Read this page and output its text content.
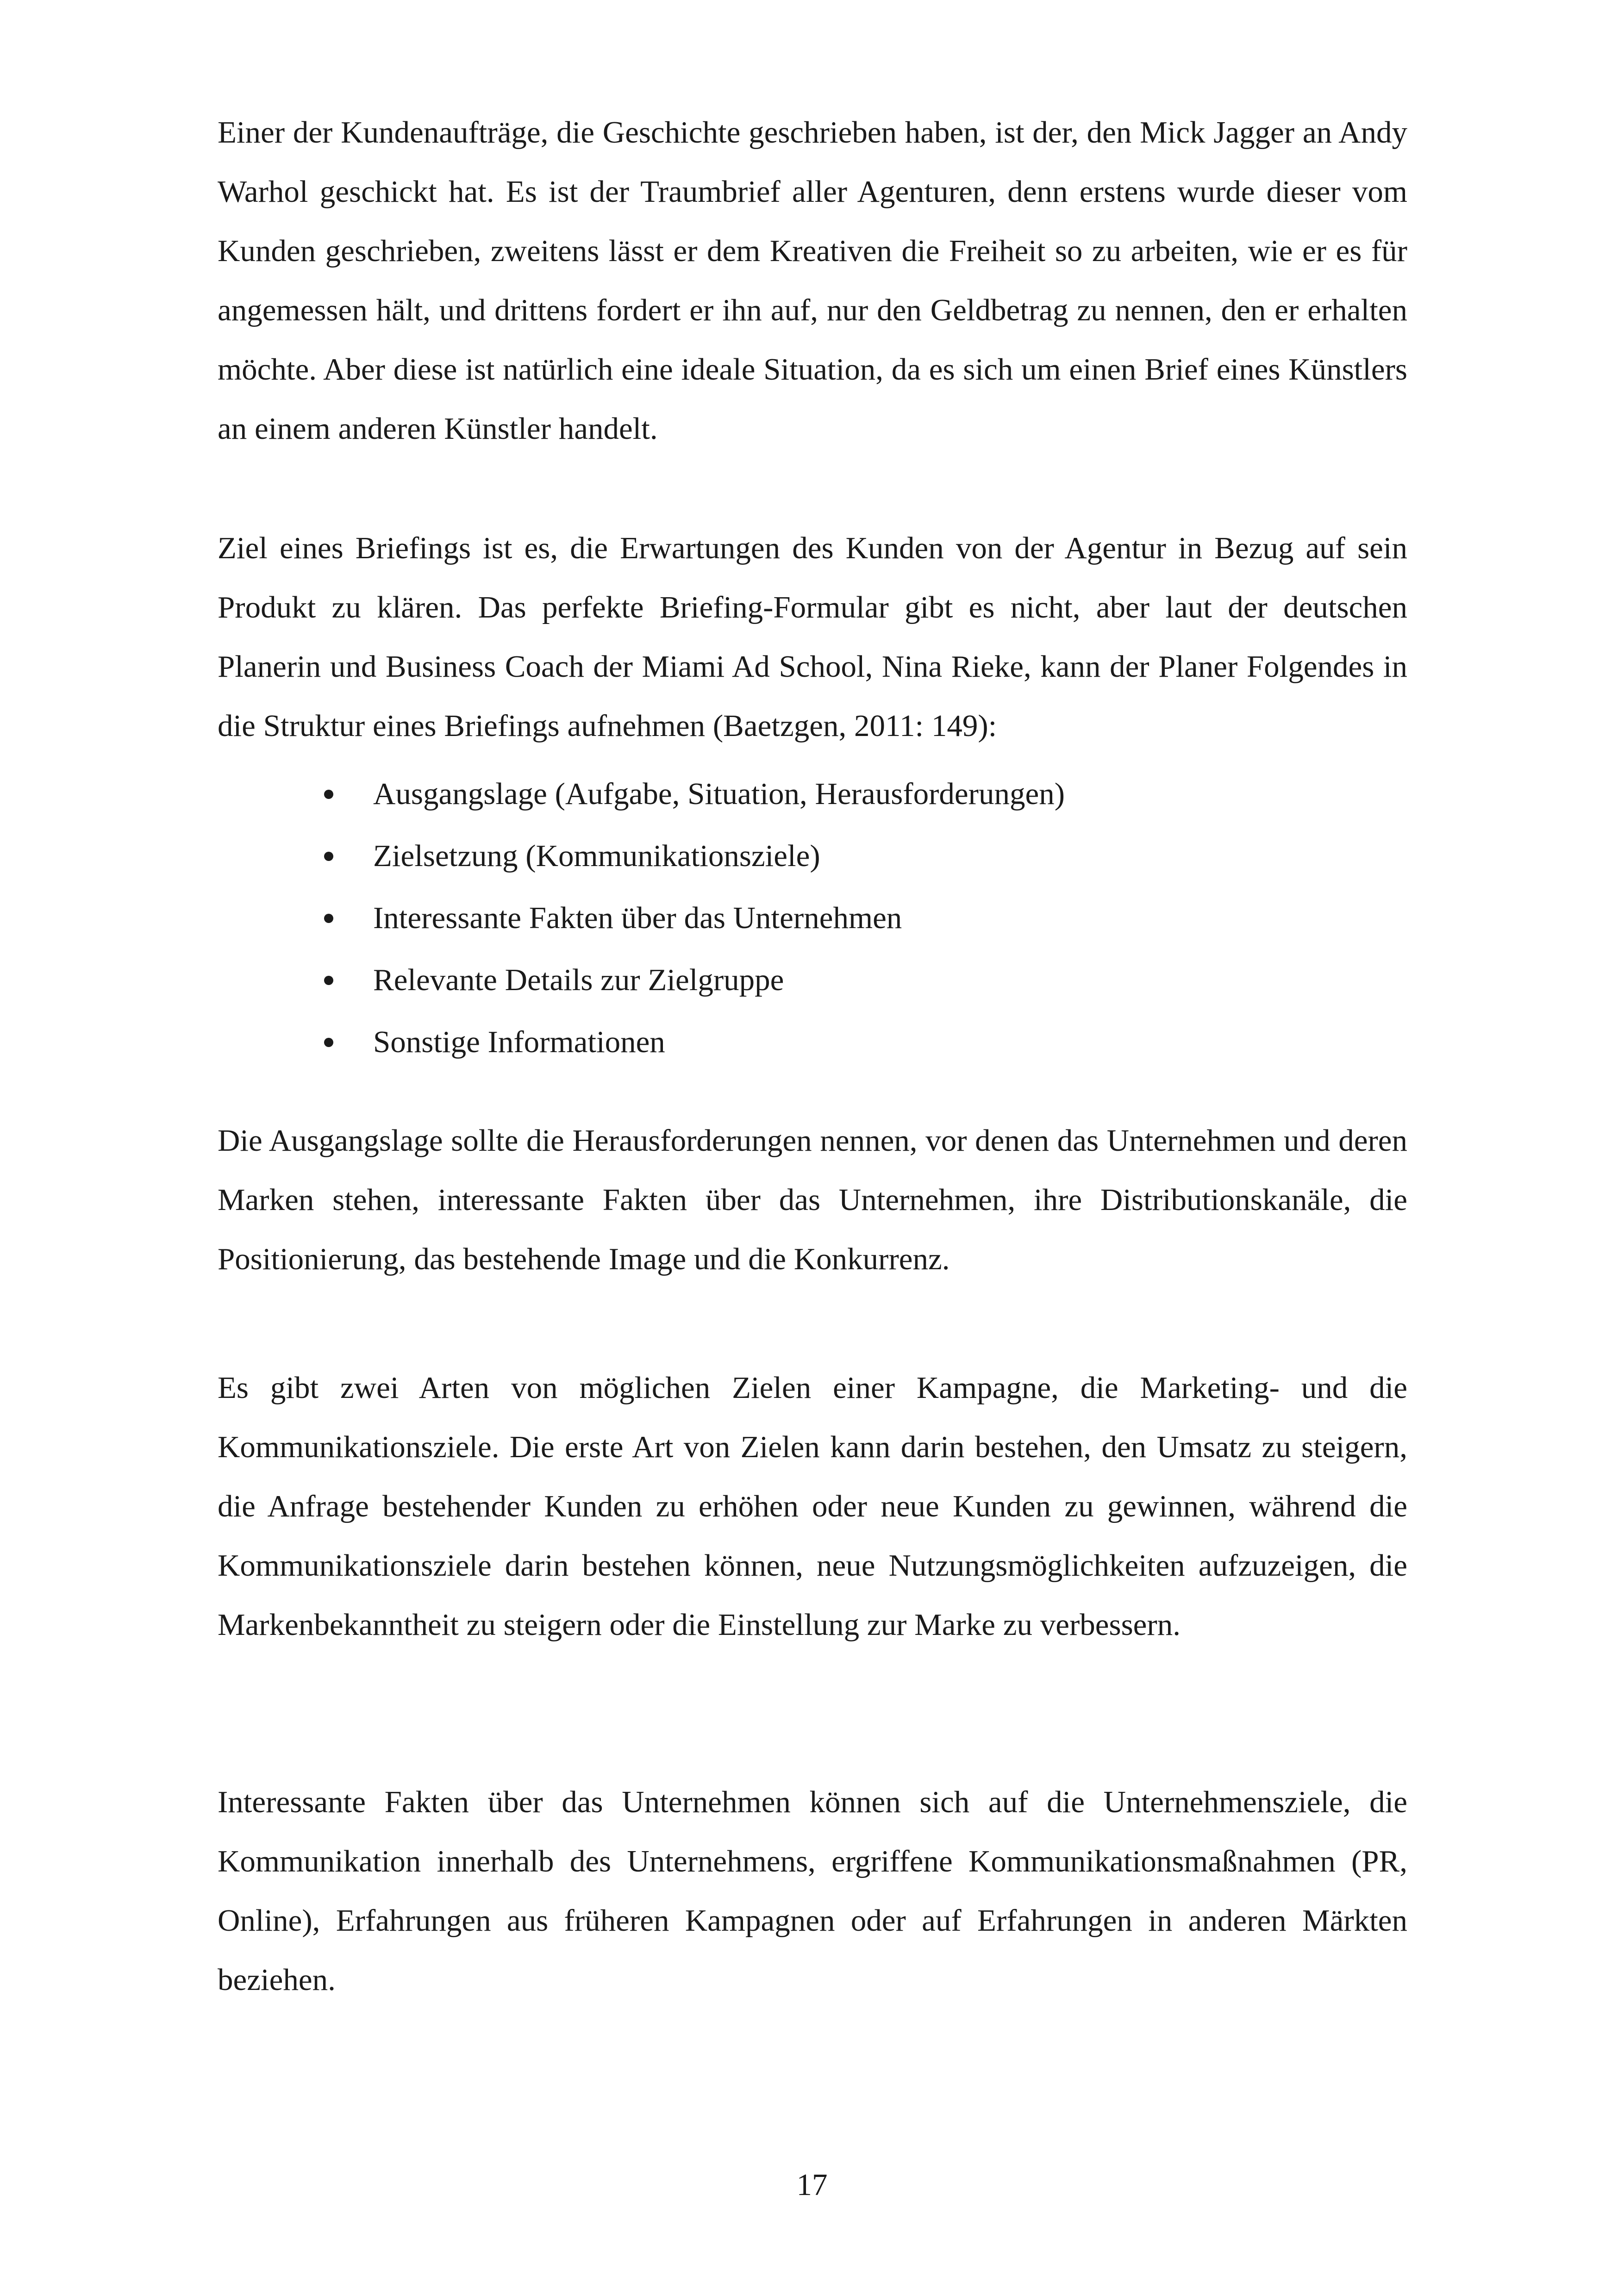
Einer der Kundenaufträge, die Geschichte geschrieben haben, ist der, den Mick Jagger an Andy Warhol geschickt hat. Es ist der Traumbrief aller Agenturen, denn erstens wurde dieser vom Kunden geschrieben, zweitens lässt er dem Kreativen die Freiheit so zu arbeiten, wie er es für angemessen hält, und drittens fordert er ihn auf, nur den Geldbetrag zu nennen, den er erhalten möchte. Aber diese ist natürlich eine ideale Situation, da es sich um einen Brief eines Künstlers an einem anderen Künstler handelt.

Ziel eines Briefings ist es, die Erwartungen des Kunden von der Agentur in Bezug auf sein Produkt zu klären. Das perfekte Briefing-Formular gibt es nicht, aber laut der deutschen Planerin und Business Coach der Miami Ad School, Nina Rieke, kann der Planer Folgendes in die Struktur eines Briefings aufnehmen (Baetzgen, 2011: 149):

Ausgangslage (Aufgabe, Situation, Herausforderungen)
Zielsetzung (Kommunikationsziele)
Interessante Fakten über das Unternehmen
Relevante Details zur Zielgruppe
Sonstige Informationen

Die Ausgangslage sollte die Herausforderungen nennen, vor denen das Unternehmen und deren Marken stehen, interessante Fakten über das Unternehmen, ihre Distributionskanäle, die Positionierung, das bestehende Image und die Konkurrenz.

Es gibt zwei Arten von möglichen Zielen einer Kampagne, die Marketing- und die Kommunikationsziele. Die erste Art von Zielen kann darin bestehen, den Umsatz zu steigern, die Anfrage bestehender Kunden zu erhöhen oder neue Kunden zu gewinnen, während die Kommunikationsziele darin bestehen können, neue Nutzungsmöglichkeiten aufzuzeigen, die Markenbekanntheit zu steigern oder die Einstellung zur Marke zu verbessern.

Interessante Fakten über das Unternehmen können sich auf die Unternehmensziele, die Kommunikation innerhalb des Unternehmens, ergriffene Kommunikationsmaßnahmen (PR, Online), Erfahrungen aus früheren Kampagnen oder auf Erfahrungen in anderen Märkten beziehen.

17
